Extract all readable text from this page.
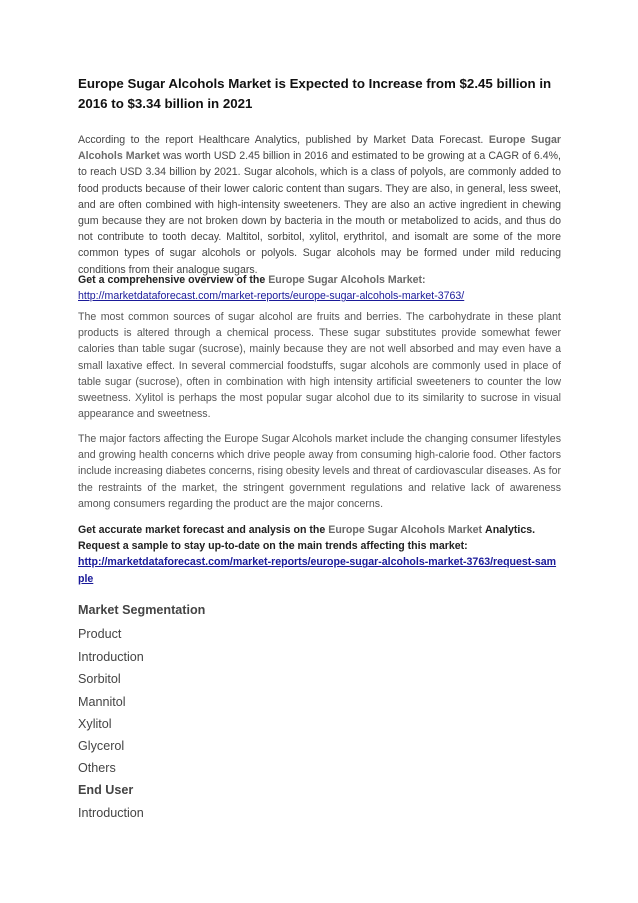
Europe Sugar Alcohols Market is Expected to Increase from $2.45 billion in 2016 to $3.34 billion in 2021

According to the report Healthcare Analytics, published by Market Data Forecast. Europe Sugar Alcohols Market was worth USD 2.45 billion in 2016 and estimated to be growing at a CAGR of 6.4%, to reach USD 3.34 billion by 2021. Sugar alcohols, which is a class of polyols, are commonly added to food products because of their lower caloric content than sugars. They are also, in general, less sweet, and are often combined with high-intensity sweeteners. They are also an active ingredient in chewing gum because they are not broken down by bacteria in the mouth or metabolized to acids, and thus do not contribute to tooth decay. Maltitol, sorbitol, xylitol, erythritol, and isomalt are some of the more common types of sugar alcohols or polyols. Sugar alcohols may be formed under mild reducing conditions from their analogue sugars.

Get a comprehensive overview of the Europe Sugar Alcohols Market:
http://marketdataforecast.com/market-reports/europe-sugar-alcohols-market-3763/

The most common sources of sugar alcohol are fruits and berries. The carbohydrate in these plant products is altered through a chemical process. These sugar substitutes provide somewhat fewer calories than table sugar (sucrose), mainly because they are not well absorbed and may even have a small laxative effect. In several commercial foodstuffs, sugar alcohols are commonly used in place of table sugar (sucrose), often in combination with high intensity artificial sweeteners to counter the low sweetness. Xylitol is perhaps the most popular sugar alcohol due to its similarity to sucrose in visual appearance and sweetness.

The major factors affecting the Europe Sugar Alcohols market include the changing consumer lifestyles and growing health concerns which drive people away from consuming high-calorie food. Other factors include increasing diabetes concerns, rising obesity levels and threat of cardiovascular diseases. As for the restraints of the market, the stringent government regulations and relative lack of awareness among consumers regarding the product are the major concerns.

Get accurate market forecast and analysis on the Europe Sugar Alcohols Market Analytics.
Request a sample to stay up-to-date on the main trends affecting this market:
http://marketdataforecast.com/market-reports/europe-sugar-alcohols-market-3763/request-sample

Market Segmentation

Product

Introduction

Sorbitol

Mannitol

Xylitol

Glycerol

Others

End User

Introduction
